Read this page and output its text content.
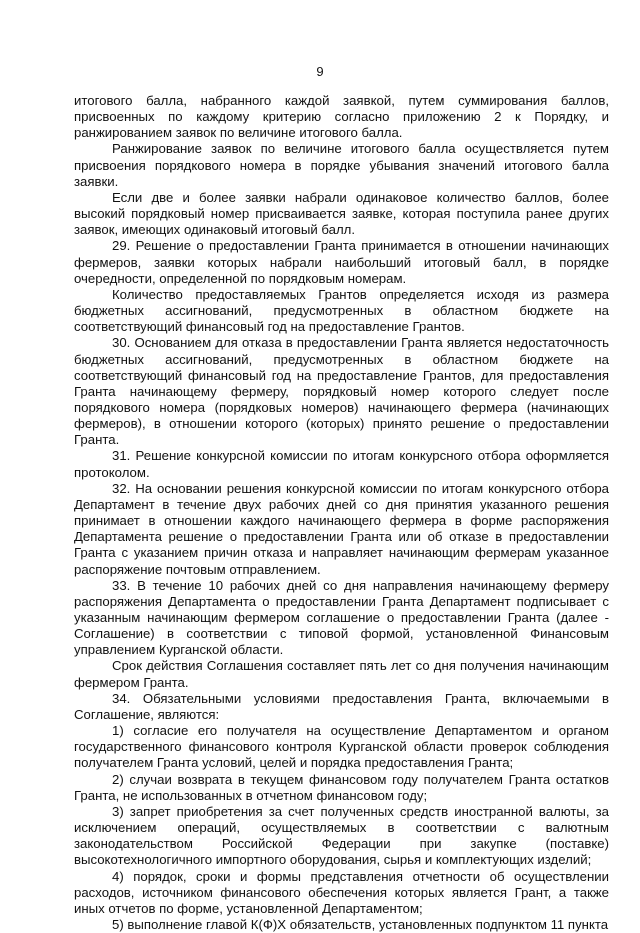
9

итогового балла, набранного каждой заявкой, путем суммирования баллов, присвоенных по каждому критерию согласно приложению 2 к Порядку, и ранжированием заявок по величине итогового балла.

Ранжирование заявок по величине итогового балла осуществляется путем присвоения порядкового номера в порядке убывания значений итогового балла заявки.

Если две и более заявки набрали одинаковое количество баллов, более высокий порядковый номер присваивается заявке, которая поступила ранее других заявок, имеющих одинаковый итоговый балл.

29. Решение о предоставлении Гранта принимается в отношении начинающих фермеров, заявки которых набрали наибольший итоговый балл, в порядке очередности, определенной по порядковым номерам.

Количество предоставляемых Грантов определяется исходя из размера бюджетных ассигнований, предусмотренных в областном бюджете на соответствующий финансовый год на предоставление Грантов.

30. Основанием для отказа в предоставлении Гранта является недостаточность бюджетных ассигнований, предусмотренных в областном бюджете на соответствующий финансовый год на предоставление Грантов, для предоставления Гранта начинающему фермеру, порядковый номер которого следует после порядкового номера (порядковых номеров) начинающего фермера (начинающих фермеров), в отношении которого (которых) принято решение о предоставлении Гранта.

31. Решение конкурсной комиссии по итогам конкурсного отбора оформляется протоколом.

32. На основании решения конкурсной комиссии по итогам конкурсного отбора Департамент в течение двух рабочих дней со дня принятия указанного решения принимает в отношении каждого начинающего фермера в форме распоряжения Департамента решение о предоставлении Гранта или об отказе в предоставлении Гранта с указанием причин отказа и направляет начинающим фермерам указанное распоряжение почтовым отправлением.

33. В течение 10 рабочих дней со дня направления начинающему фермеру распоряжения Департамента о предоставлении Гранта Департамент подписывает с указанным начинающим фермером соглашение о предоставлении Гранта (далее - Соглашение) в соответствии с типовой формой, установленной Финансовым управлением Курганской области.

Срок действия Соглашения составляет пять лет со дня получения начинающим фермером Гранта.

34. Обязательными условиями предоставления Гранта, включаемыми в Соглашение, являются:

1) согласие его получателя на осуществление Департаментом и органом государственного финансового контроля Курганской области проверок соблюдения получателем Гранта условий, целей и порядка предоставления Гранта;

2) случаи возврата в текущем финансовом году получателем Гранта остатков Гранта, не использованных в отчетном финансовом году;

3) запрет приобретения за счет полученных средств иностранной валюты, за исключением операций, осуществляемых в соответствии с валютным законодательством Российской Федерации при закупке (поставке) высокотехнологичного импортного оборудования, сырья и комплектующих изделий;

4) порядок, сроки и формы представления отчетности об осуществлении расходов, источником финансового обеспечения которых является Грант, а также иных отчетов по форме, установленной Департаментом;

5) выполнение главой К(Ф)Х обязательств, установленных подпунктом 11 пункта
